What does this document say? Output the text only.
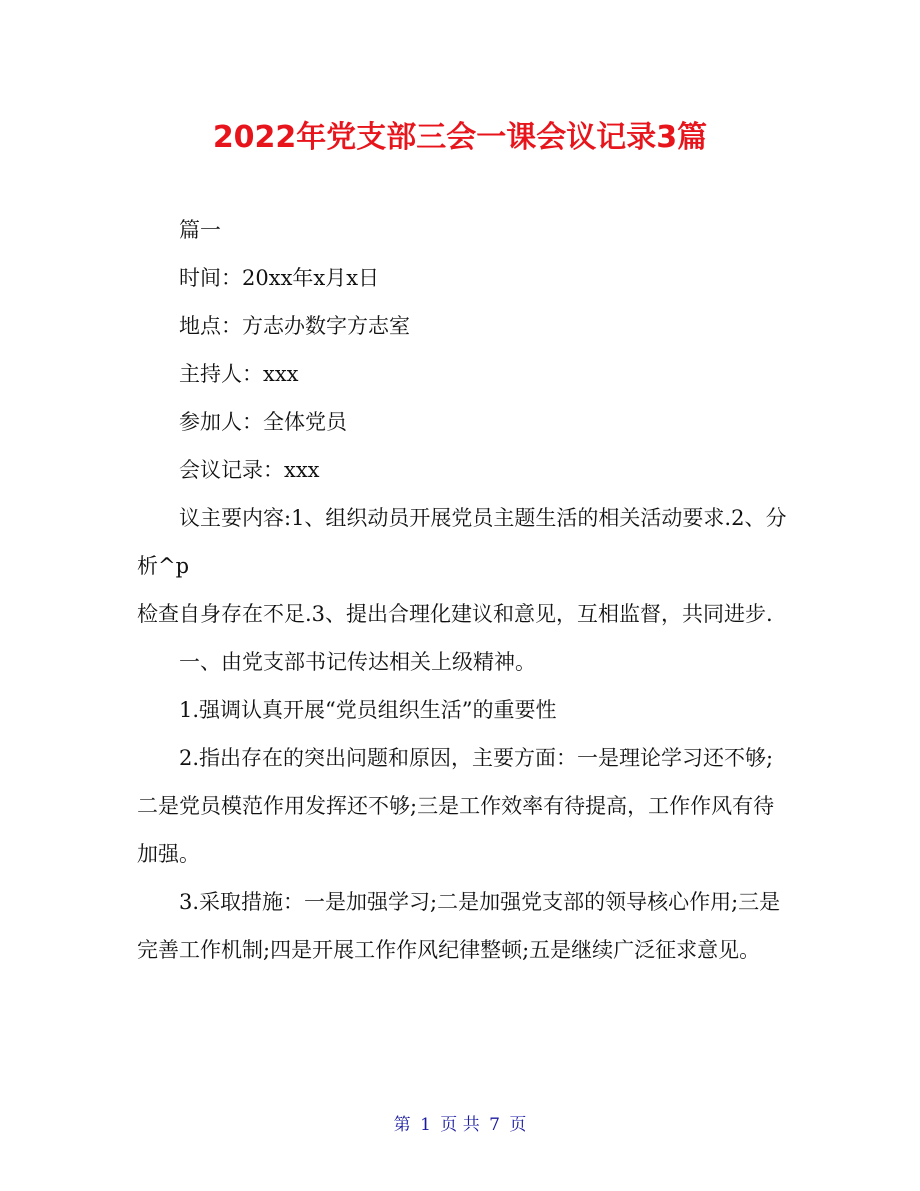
2022年党支部三会一课会议记录3篇

篇一

时间：20xx年x月x日

地点：方志办数字方志室

主持人：xxx

参加人：全体党员

会议记录：xxx

议主要内容:1、组织动员开展党员主题生活的相关活动要求.2、分析^p

检查自身存在不足.3、提出合理化建议和意见，互相监督，共同进步.

一、由党支部书记传达相关上级精神。

1.强调认真开展“党员组织生活”的重要性

2.指出存在的突出问题和原因，主要方面：一是理论学习还不够;二是党员模范作用发挥还不够;三是工作效率有待提高，工作作风有待加强。

3.采取措施：一是加强学习;二是加强党支部的领导核心作用;三是完善工作机制;四是开展工作作风纪律整顿;五是继续广泛征求意见。

第 1 页 共 7 页
